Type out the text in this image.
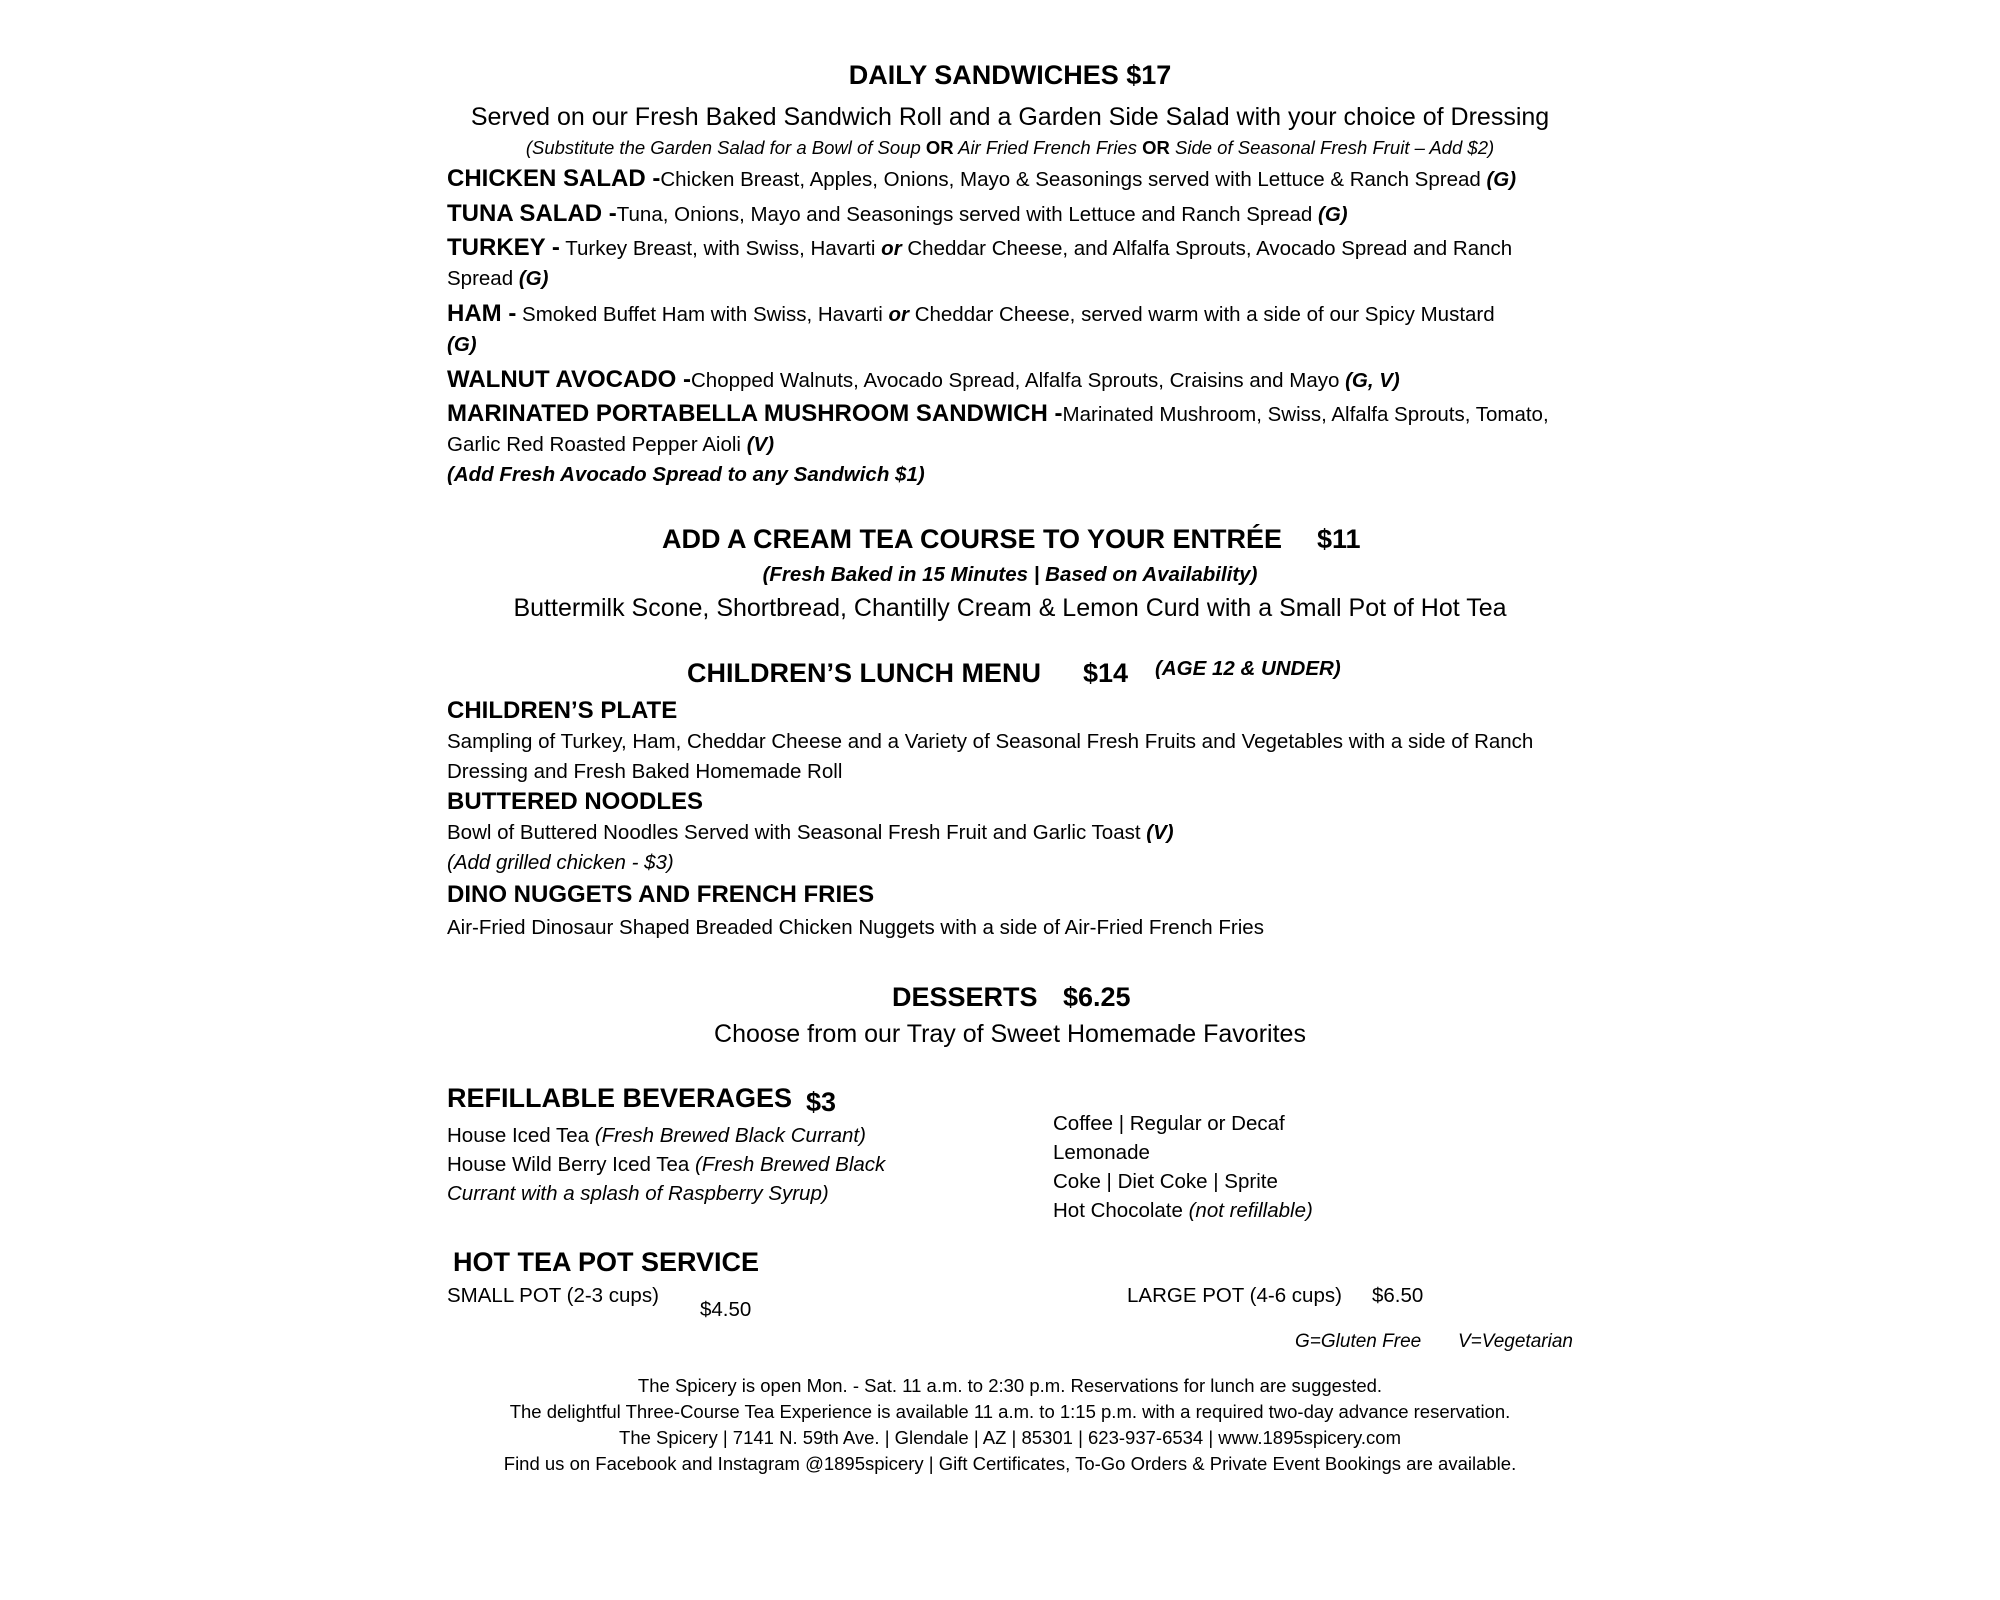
DAILY SANDWICHES $17
Served on our Fresh Baked Sandwich Roll and a Garden Side Salad with your choice of Dressing
(Substitute the Garden Salad for a Bowl of Soup OR Air Fried French Fries OR Side of Seasonal Fresh Fruit – Add $2)
CHICKEN SALAD -Chicken Breast, Apples, Onions, Mayo & Seasonings served with Lettuce & Ranch Spread (G)
TUNA SALAD -Tuna, Onions, Mayo and Seasonings served with Lettuce and Ranch Spread (G)
TURKEY - Turkey Breast, with Swiss, Havarti or Cheddar Cheese, and Alfalfa Sprouts, Avocado Spread and Ranch Spread (G)
HAM - Smoked Buffet Ham with Swiss, Havarti or Cheddar Cheese, served warm with a side of our Spicy Mustard (G)
WALNUT AVOCADO -Chopped Walnuts, Avocado Spread, Alfalfa Sprouts, Craisins and Mayo (G, V)
MARINATED PORTABELLA MUSHROOM SANDWICH -Marinated Mushroom, Swiss, Alfalfa Sprouts, Tomato, Garlic Red Roasted Pepper Aioli (V)
(Add Fresh Avocado Spread to any Sandwich $1)
ADD A CREAM TEA COURSE TO YOUR ENTRÉE $11
(Fresh Baked in 15 Minutes | Based on Availability)
Buttermilk Scone, Shortbread, Chantilly Cream & Lemon Curd with a Small Pot of Hot Tea
CHILDREN’S LUNCH MENU $14 (AGE 12 & UNDER)
CHILDREN’S PLATE
Sampling of Turkey, Ham, Cheddar Cheese and a Variety of Seasonal Fresh Fruits and Vegetables with a side of Ranch Dressing and Fresh Baked Homemade Roll
BUTTERED NOODLES
Bowl of Buttered Noodles Served with Seasonal Fresh Fruit and Garlic Toast (V)
(Add grilled chicken - $3)
DINO NUGGETS AND FRENCH FRIES
Air-Fried Dinosaur Shaped Breaded Chicken Nuggets with a side of Air-Fried French Fries
DESSERTS $6.25
Choose from our Tray of Sweet Homemade Favorites
REFILLABLE BEVERAGES $3
House Iced Tea (Fresh Brewed Black Currant)
House Wild Berry Iced Tea (Fresh Brewed Black
Currant with a splash of Raspberry Syrup)
Coffee | Regular or Decaf
Lemonade
Coke | Diet Coke | Sprite
Hot Chocolate (not refillable)
HOT TEA POT SERVICE
SMALL POT (2-3 cups)
$4.50
LARGE POT (4-6 cups) $6.50
G=Gluten Free V=Vegetarian
The Spicery is open Mon. - Sat. 11 a.m. to 2:30 p.m. Reservations for lunch are suggested.
The delightful Three-Course Tea Experience is available 11 a.m. to 1:15 p.m. with a required two-day advance reservation.
The Spicery | 7141 N. 59th Ave. | Glendale | AZ | 85301 | 623-937-6534 | www.1895spicery.com
Find us on Facebook and Instagram @1895spicery | Gift Certificates, To-Go Orders & Private Event Bookings are available.
